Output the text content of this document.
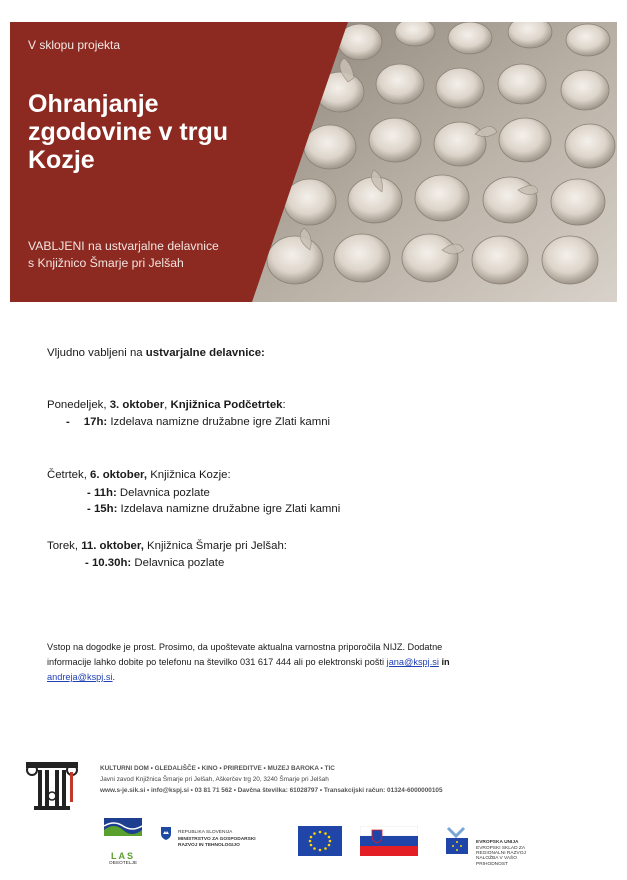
V sklopu projekta
Ohranjanje
zgodovine v trgu
Kozje
VABLJENI na ustvarjalne delavnice
s Knjižnico Šmarje pri Jelšah
Vljudno vabljeni na ustvarjalne delavnice:
Ponedeljek, 3. oktober, Knjižnica Podčetrtek:
- 17h: Izdelava namizne družabne igre Zlati kamni
Četrtek, 6. oktober, Knjižnica Kozje:
- 11h: Delavnica pozlate
- 15h: Izdelava namizne družabne igre Zlati kamni
Torek, 11. oktober, Knjižnica Šmarje pri Jelšah:
- 10.30h: Delavnica pozlate
Vstop na dogodke je prost. Prosimo, da upoštevate aktualna varnostna priporočila NIJZ. Dodatne
informacije lahko dobite po telefonu na številko 031 617 444 ali po elektronski pošti jana@kspj.si in
andreja@kspj.si.
KULTURNI DOM • GLEDALIŠČE • KINO • PRIREDITVE • MUZEJ BAROKA • TIC
Javni zavod Knjižnica Šmarje pri Jelšah, Aškerčev trg 20, 3240 Šmarje pri Jelšah
www.s-je.sik.si • info@kspj.si • 03 81 71 562 • Davčna številka: 61028797 • Transakcijski račun: 01324-6000000105
LAS
OBSOTELJE
REPUBLIKA SLOVENIJA
MINISTRSTVO ZA GOSPODARSKI
RAZVOJ IN TEHNOLOGIJO
EVROPSKA UNIJA
EVROPSKI SKLAD ZA
REGIONALNI RAZVOJ
NALOŽBA V VAŠO PRIHODNOST
